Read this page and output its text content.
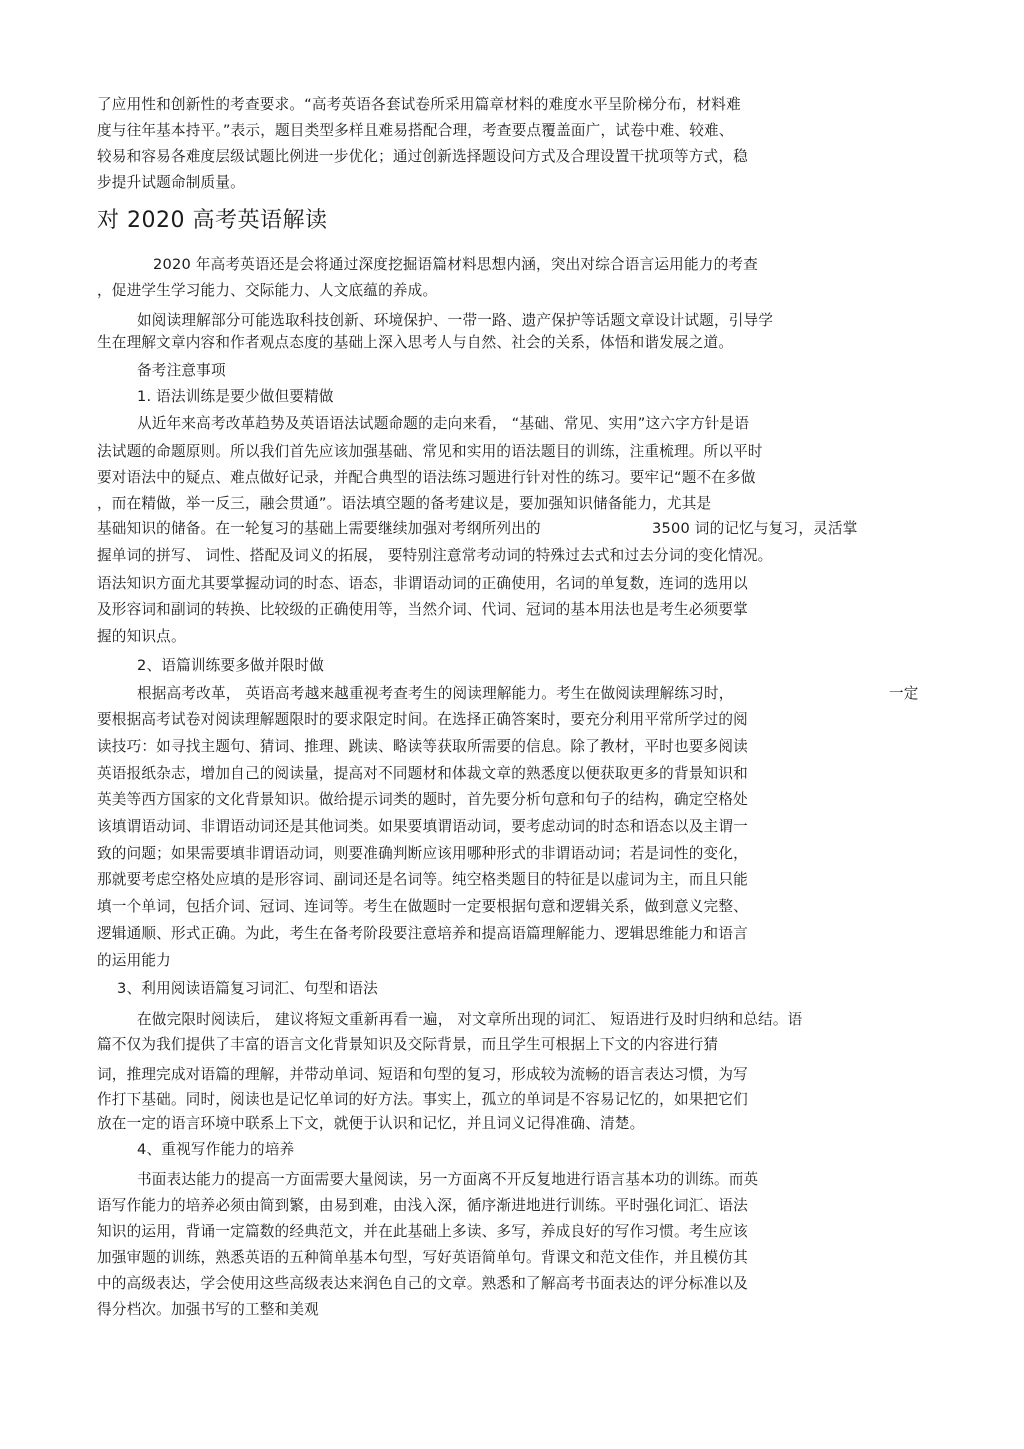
了应用性和创新性的考查要求。“高考英语各套试卷所采用篇章材料的难度水平呈阶梯分布，材料难

度与往年基本持平。”表示，题目类型多样且难易搭配合理，考查要点覆盖面广，试卷中难、较难、

较易和容易各难度层级试题比例进一步优化；通过创新选择题设问方式及合理设置干扰项等方式，稳

步提升试题命制质量。

对 2020 高考英语解读

2020 年高考英语还是会将通过深度挖掘语篇材料思想内涵，突出对综合语言运用能力的考查

，促进学生学习能力、交际能力、人文底蕴的养成。

如阅读理解部分可能选取科技创新、环境保护、一带一路、遗产保护等话题文章设计试题，引导学

生在理解文章内容和作者观点态度的基础上深入思考人与自然、社会的关系，体悟和谐发展之道。

备考注意事项

1. 语法训练是要少做但要精做

从近年来高考改革趋势及英语语法试题命题的走向来看， “基础、常见、实用”这六字方针是语

法试题的命题原则。所以我们首先应该加强基础、常见和实用的语法题目的训练，注重梳理。所以平时

要对语法中的疑点、难点做好记录，并配合典型的语法练习题进行针对性的练习。要牢记“题不在多做

，而在精做，举一反三，融会贯通”。语法填空题的备考建议是，要加强知识储备能力，尤其是

基础知识的储备。在一轮复习的基础上需要继续加强对考纲所列出的	3500 词的记忆与复习，灵活掌

握单词的拼写、 词性、搭配及词义的拓展， 要特别注意常考动词的特殊过去式和过去分词的变化情况。

语法知识方面尤其要掌握动词的时态、语态，非谓语动词的正确使用，名词的单复数，连词的选用以

及形容词和副词的转换、比较级的正确使用等，当然介词、代词、冠词的基本用法也是考生必须要掌

握的知识点。

2、语篇训练要多做并限时做

根据高考改革， 英语高考越来越重视考查考生的阅读理解能力。考生在做阅读理解练习时，	一定

要根据高考试卷对阅读理解题限时的要求限定时间。在选择正确答案时，要充分利用平常所学过的阅

读技巧：如寻找主题句、猜词、推理、跳读、略读等获取所需要的信息。除了教材，平时也要多阅读

英语报纸杂志，增加自己的阅读量，提高对不同题材和体裁文章的熟悉度以便获取更多的背景知识和

英美等西方国家的文化背景知识。做给提示词类的题时，首先要分析句意和句子的结构，确定空格处

该填谓语动词、非谓语动词还是其他词类。如果要填谓语动词，要考虑动词的时态和语态以及主谓一

致的问题；如果需要填非谓语动词，则要准确判断应该用哪种形式的非谓语动词；若是词性的变化，

那就要考虑空格处应填的是形容词、副词还是名词等。纯空格类题目的特征是以虚词为主，而且只能

填一个单词，包括介词、冠词、连词等。考生在做题时一定要根据句意和逻辑关系，做到意义完整、

逻辑通顺、形式正确。为此，考生在备考阶段要注意培养和提高语篇理解能力、逻辑思维能力和语言

的运用能力

3、利用阅读语篇复习词汇、句型和语法

在做完限时阅读后， 建议将短文重新再看一遍， 对文章所出现的词汇、 短语进行及时归纳和总结。语

篇不仅为我们提供了丰富的语言文化背景知识及交际背景，而且学生可根据上下文的内容进行猜

词，推理完成对语篇的理解，并带动单词、短语和句型的复习，形成较为流畅的语言表达习惯，为写

作打下基础。同时，阅读也是记忆单词的好方法。事实上，孤立的单词是不容易记忆的，如果把它们

放在一定的语言环境中联系上下文，就便于认识和记忆，并且词义记得准确、清楚。

4、重视写作能力的培养

书面表达能力的提高一方面需要大量阅读，另一方面离不开反复地进行语言基本功的训练。而英

语写作能力的培养必须由简到繁，由易到难，由浅入深，循序渐进地进行训练。平时强化词汇、语法

知识的运用，背诵一定篇数的经典范文，并在此基础上多读、多写，养成良好的写作习惯。考生应该

加强审题的训练，熟悉英语的五种简单基本句型，写好英语简单句。背课文和范文佳作，并且模仿其

中的高级表达，学会使用这些高级表达来润色自己的文章。熟悉和了解高考书面表达的评分标准以及

得分档次。加强书写的工整和美观
